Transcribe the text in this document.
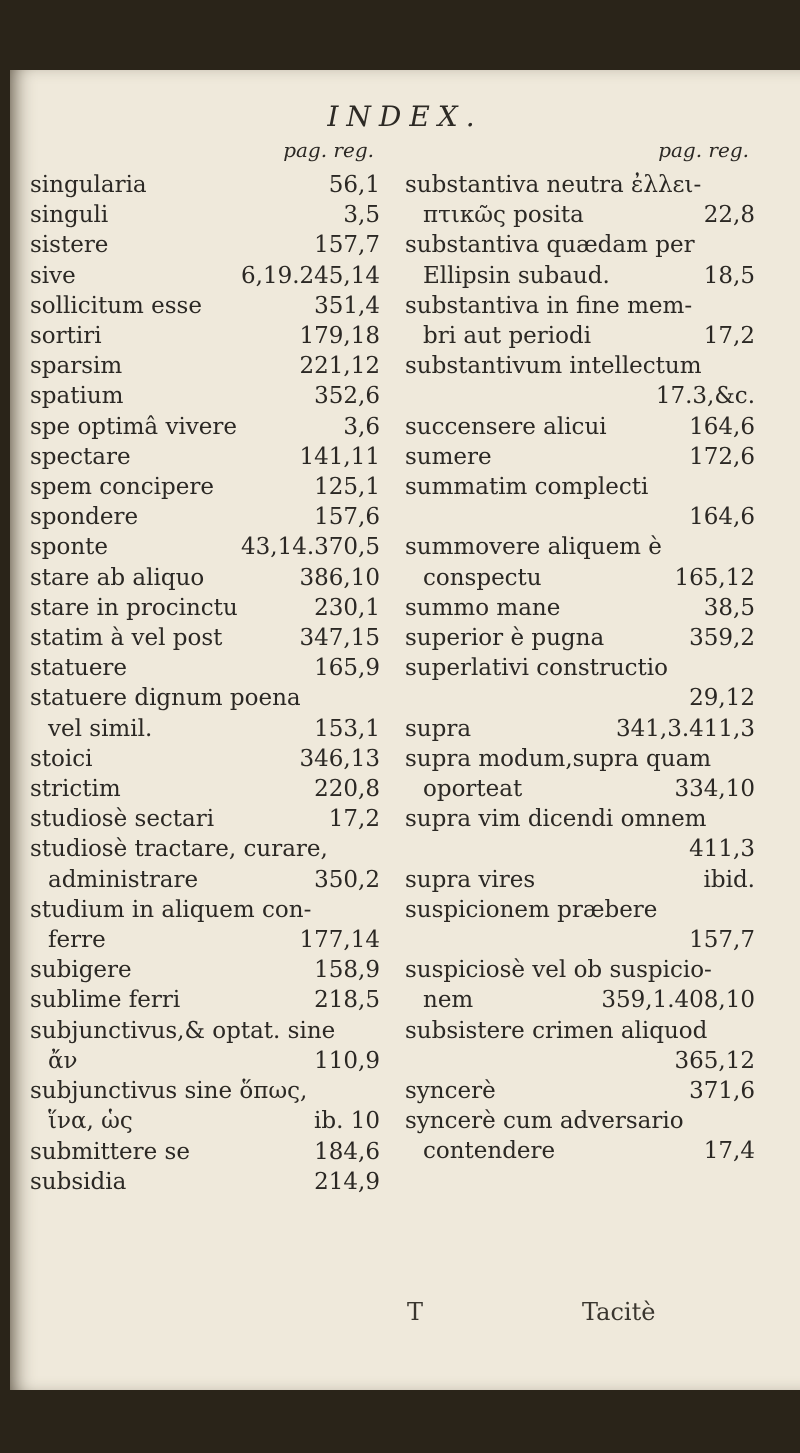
INDEX.
pag. reg.
singularia	56,1
singuli	3,5
sistere	157,7
sive	6,19.245,14
sollicitum esse	351,4
sortiri	179,18
sparsim	221,12
spatium	352,6
spe optimâ vivere	3,6
spectare	141,11
spem concipere	125,1
spondere	157,6
sponte	43,14.370,5
stare ab aliquo	386,10
stare in procinctu	230,1
statim à vel post	347,15
statuere	165,9
statuere dignum poena
vel simil.	153,1
stoici	346,13
strictim	220,8
studiosè sectari	17,2
studiosè tractare, curare,
administrare	350,2
studium in aliquem con-
ferre	177,14
subigere	158,9
sublime ferri	218,5
subjunctivus,& optat. sine
ἄν	110,9
subjunctivus sine ὅπως,
ἵνα, ὡς	ib. 10
submittere se	184,6
subsidia	214,9
pag. reg.
substantiva neutra ἐλλει-
πτικῶς posita	22,8
substantiva quædam per
Ellipsin subaud.	18,5
substantiva in fine mem-
bri aut periodi	17,2
substantivum intellectum
17.3,&c.
succensere alicui	164,6
sumere	172,6
summatim complecti
164,6
summovere aliquem è
conspectu	165,12
summo mane	38,5
superior è pugna	359,2
superlativi constructio
29,12
supra	341,3.411,3
supra modum,supra quam
oporteat	334,10
supra vim dicendi omnem
411,3
supra vires	ibid.
suspicionem præbere
157,7
suspiciosè vel ob suspicio-
nem	359,1.408,10
subsistere crimen aliquod
365,12
syncerè	371,6
syncerè cum adversario
contendere	17,4
T	Tacitè
